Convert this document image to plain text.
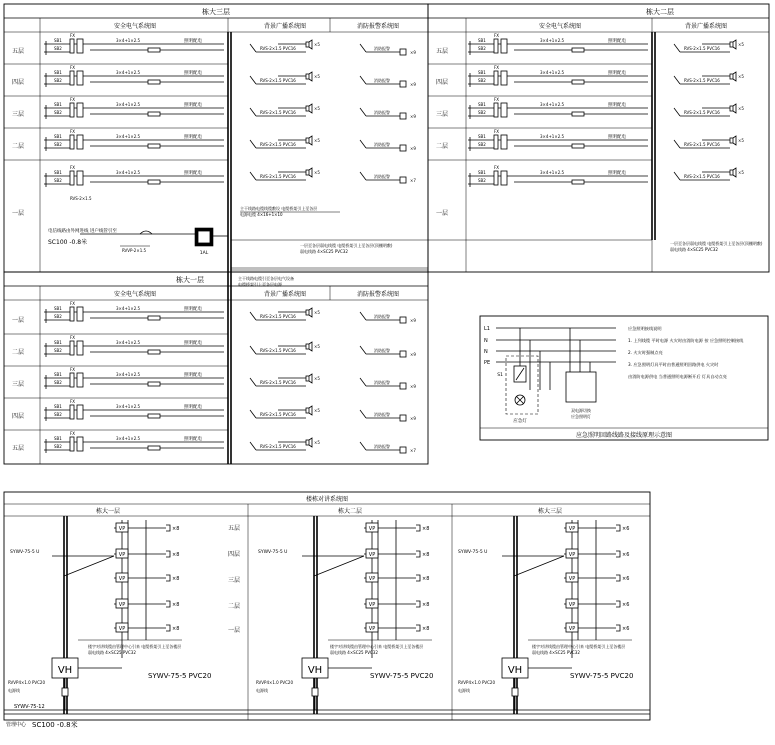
栋大三层	栋大二层
栋大一层
安全电气系统图	背景广播系统图	消防报警系统图	安全电气系统图	背景广播系统图
安全电气系统图	背景广播系统图	消防报警系统图
五层
四层
三层
二层
一层
五层
四层
三层
二层
一层
一层
二层
三层
四层
五层
SB1
SB2
FX
3×4+1×2.5	照明配电
SB1
SB2
FX
3×4+1×2.5	照明配电
SB1
SB2
FX
3×4+1×2.5	照明配电
SB1
SB2
FX
3×4+1×2.5	照明配电
SB1
SB2
FX
3×4+1×2.5	照明配电
SB1
SB2
FX
3×4+1×2.5	照明配电
SB1
SB2
FX
3×4+1×2.5	照明配电
SB1
SB2
FX
3×4+1×2.5	照明配电
SB1
SB2
FX
3×4+1×2.5	照明配电
SB1
SB2
FX
3×4+1×2.5	照明配电
SB1
SB2
FX
3×4+1×2.5	照明配电
SB1
SB2
FX
3×4+1×2.5	照明配电
SB1
SB2
FX
3×4+1×2.5	照明配电
SB1
SB2
FX
3×4+1×2.5	照明配电
SB1
SB2
FX
3×4+1×2.5	照明配电
RVS-2×1.5 PVC16
×5
消防报警
×9
RVS-2×1.5 PVC16
×5
消防报警
×9
RVS-2×1.5 PVC16
×5
消防报警
×9
RVS-2×1.5 PVC16
×5
消防报警
×9
RVS-2×1.5 PVC16
×5
消防报警
×7
RVS-2×1.5 PVC16
×5
RVS-2×1.5 PVC16
×5
RVS-2×1.5 PVC16
×5
RVS-2×1.5 PVC16
×5
RVS-2×1.5 PVC16
×5
RVS-2×1.5 PVC16
×5
消防报警
×9
RVS-2×1.5 PVC16
×5
消防报警
×9
RVS-2×1.5 PVC16
×5
消防报警
×9
RVS-2×1.5 PVC16
×5
消防报警
×9
RVS-2×1.5 PVC16
×5
消防报警
×7
1AL
RVVP-2×1.5
电信线路由外网进线 进户线管引至
SC100 -0.8米
主干线路电缆线缆敷设 电缆桥架引上至各层
电源电缆 4×16+1×10
一层至各层弱电线缆 电缆桥架引上至各层(顶棚明敷)
弱电线路 4×SC25 PVC32
RVS-2×1.5
一层至各层弱电线缆 电缆桥架引上至各层(顶棚明敷)
弱电线路 4×SC25 PVC32
主干线路电缆引至各层电气设备
电缆桥架引上至各层电源
应急照明回路线路及接线原理示意图
L1
N
N
PE
S1
应急灯
双电源切换
应急照明灯
应急照明接线说明
1. 上列线缆 平时电源 火灾时由消防电源 按 应急照明控制接线
2. 火灾时强制点亮
3. 应急照明灯具平时由普通照明回路供电 火灾时
由消防电源供电 当普通照明电源断开后 灯具自动点亮
楼栋对讲系统图
栋大一层	栋大二层	栋大三层
VP	×8
VP	×8
VP	×8
VP	×8
VP	×8
VH
VP	×8
VP	×8
VP	×8
VP	×8
VP	×8
VH
VP	×6
VP	×6
VP	×6
VP	×6
VP	×6
VH
五层
四层
三层
二层
一层
管理中心 SC100 -0.8米
SYWV-75-12
SYWV-75-5 U	SYWV-75-5 U	SYWV-75-5 U
SYWV-75-5 PVC20	SYWV-75-5 PVC20	SYWV-75-5 PVC20
楼宇对讲线缆由管理中心引来 电缆桥架引上至各楼层
弱电线路 4×SC25 PVC32
楼宇对讲线缆由管理中心引来 电缆桥架引上至各楼层
弱电线路 4×SC25 PVC32
楼宇对讲线缆由管理中心引来 电缆桥架引上至各楼层
弱电线路 4×SC25 PVC32
RVVP4×1.0 PVC20
电源线
RVVP4×1.0 PVC20
电源线
RVVP4×1.0 PVC20
电源线
